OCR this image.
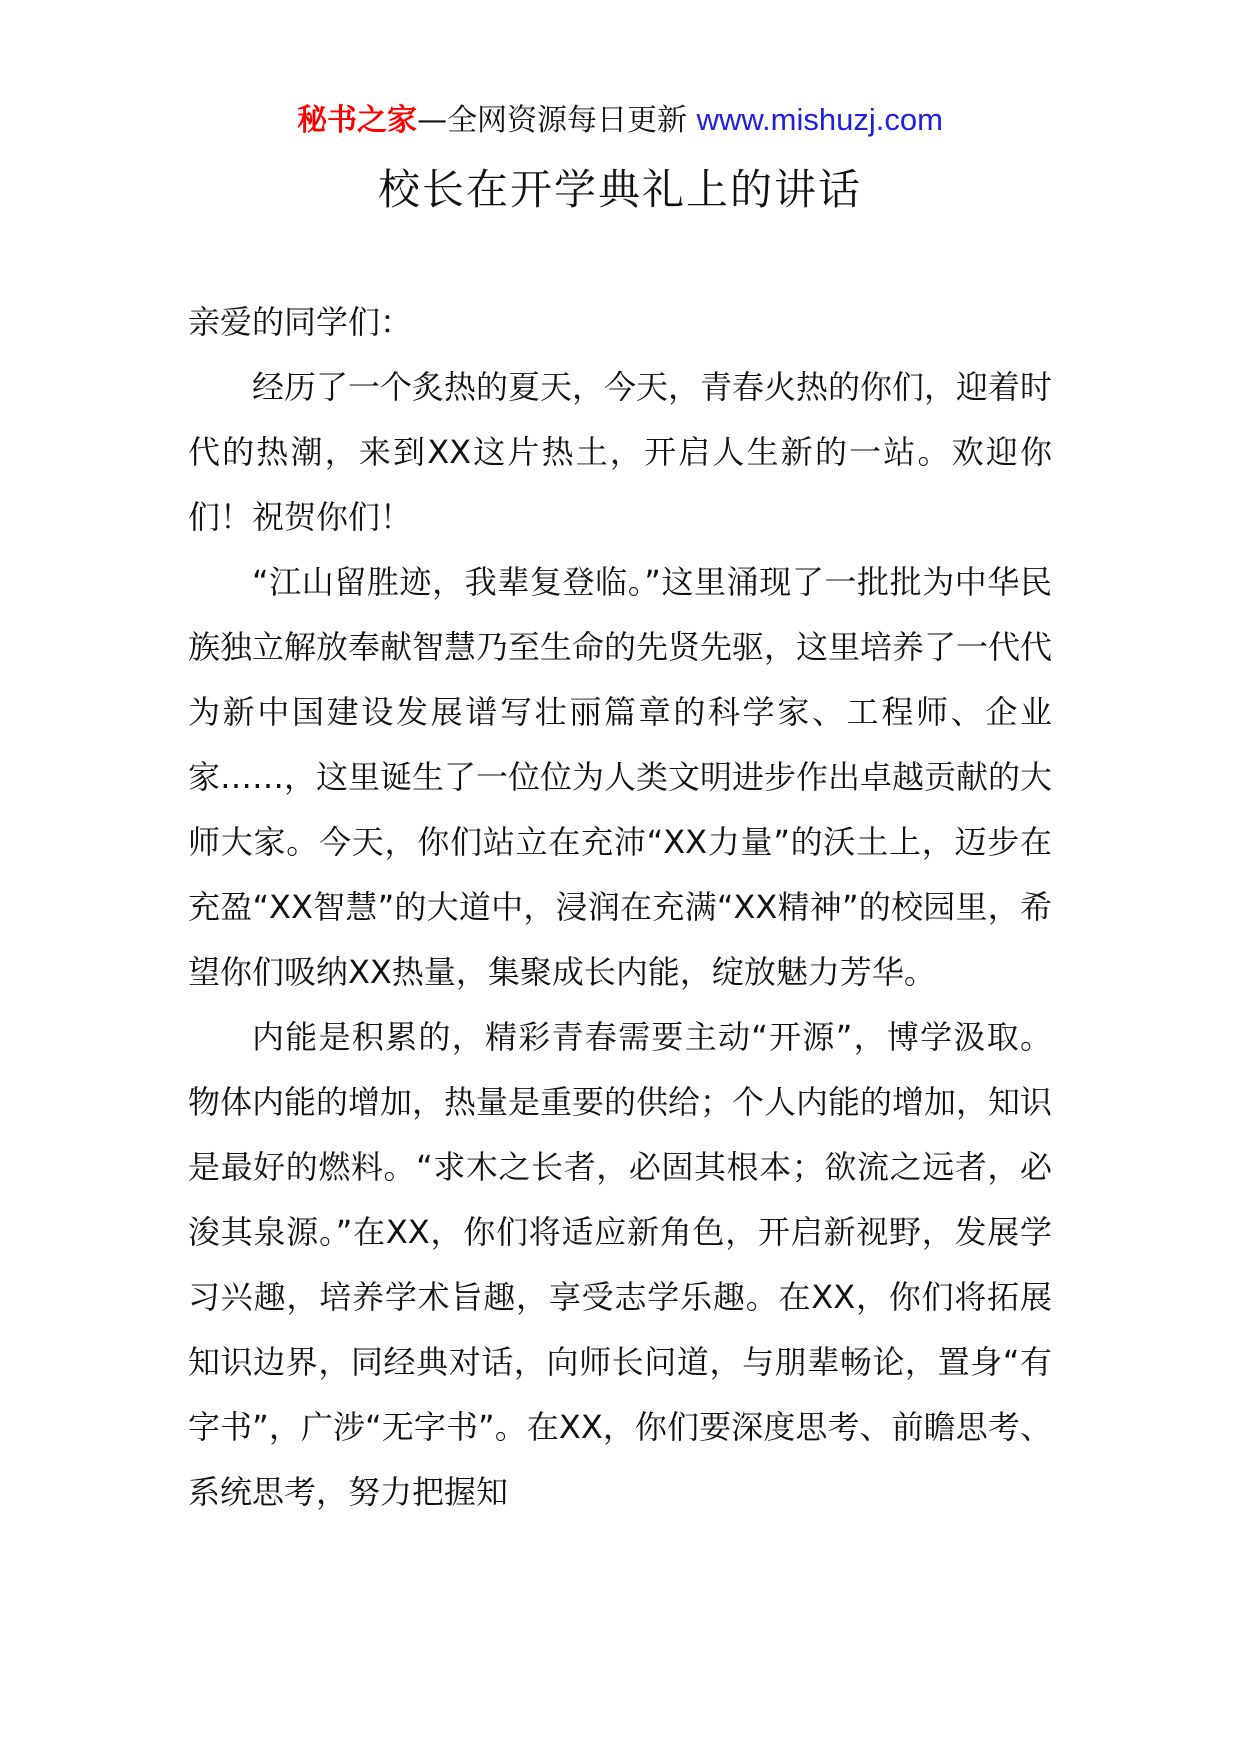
秘书之家—全网资源每日更新 www.mishuzj.com
校长在开学典礼上的讲话

亲爱的同学们：

经历了一个炙热的夏天，今天，青春火热的你们，迎着时代的热潮，来到XX这片热土，开启人生新的一站。欢迎你们！祝贺你们！

“江山留胜迹，我辈复登临。”这里涌现了一批批为中华民族独立解放奉献智慧乃至生命的先贤先驱，这里培养了一代代为新中国建设发展谱写壮丽篇章的科学家、工程师、企业家……，这里诞生了一位位为人类文明进步作出卓越贡献的大师大家。今天，你们站立在充沛“XX力量”的沃土上，迈步在充盈“XX智慧”的大道中，浸润在充满“XX精神”的校园里，希望你们吸纳XX热量，集聚成长内能，绽放魅力芳华。

内能是积累的，精彩青春需要主动“开源”，博学汲取。物体内能的增加，热量是重要的供给；个人内能的增加，知识是最好的燃料。“求木之长者，必固其根本；欲流之远者，必浚其泉源。”在XX，你们将适应新角色，开启新视野，发展学习兴趣，培养学术旨趣，享受志学乐趣。在XX，你们将拓展知识边界，同经典对话，向师长问道，与朋辈畅论，置身“有字书”，广涉“无字书”。在XX，你们要深度思考、前瞻思考、系统思考，努力把握知
